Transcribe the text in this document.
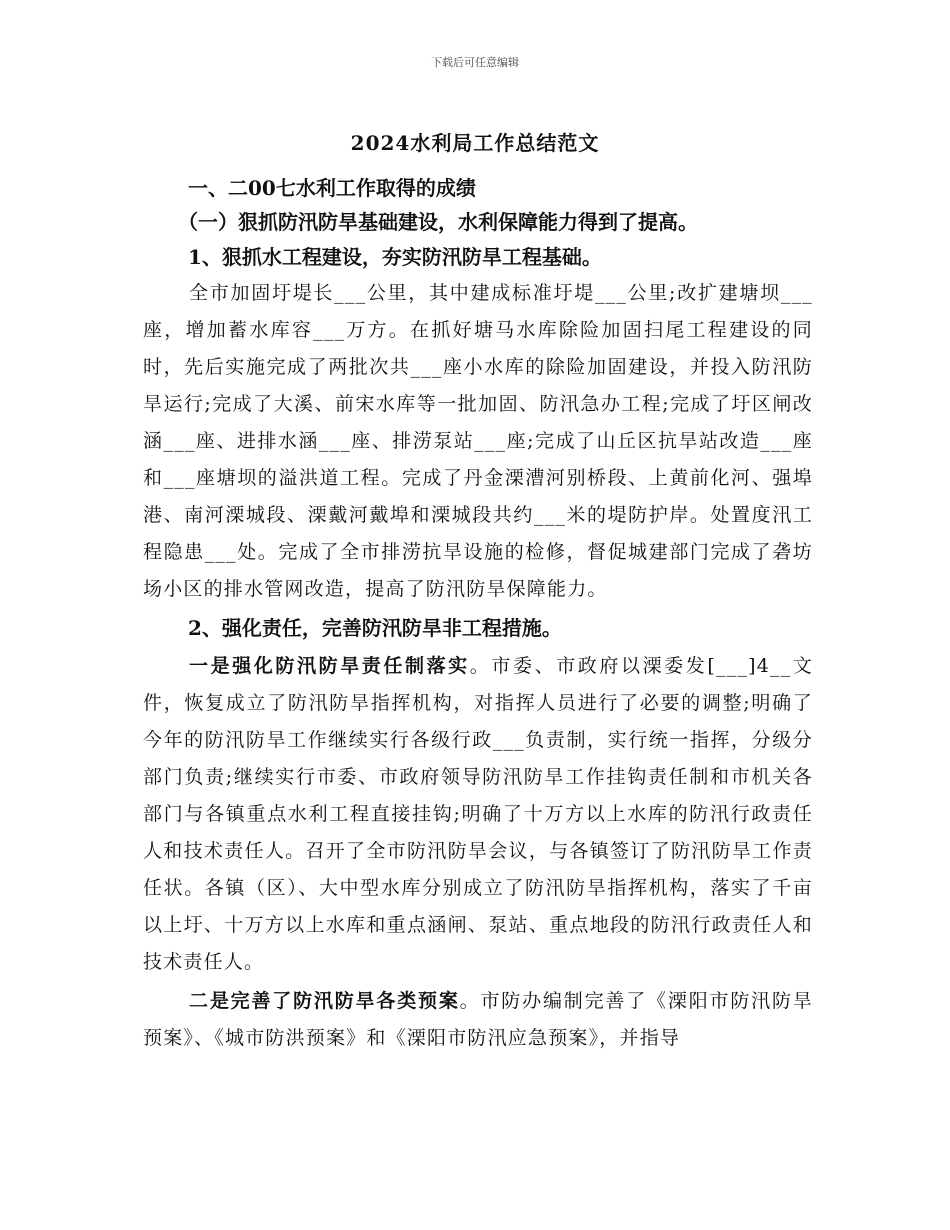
下载后可任意编辑
2024水利局工作总结范文

一、二00七水利工作取得的成绩

（一）狠抓防汛防旱基础建设，水利保障能力得到了提高。

1、狠抓水工程建设，夯实防汛防旱工程基础。

全市加固圩堤长___公里，其中建成标准圩堤___公里;改扩建塘坝___座，增加蓄水库容___万方。在抓好塘马水库除险加固扫尾工程建设的同时，先后实施完成了两批次共___座小水库的除险加固建设，并投入防汛防旱运行;完成了大溪、前宋水库等一批加固、防汛急办工程;完成了圩区闸改涵___座、进排水涵___座、排涝泵站___座;完成了山丘区抗旱站改造___座和___座塘坝的溢洪道工程。完成了丹金溧漕河别桥段、上黄前化河、强埠港、南河溧城段、溧戴河戴埠和溧城段共约___米的堤防护岸。处置度汛工程隐患___处。完成了全市排涝抗旱设施的检修，督促城建部门完成了砻坊场小区的排水管网改造，提高了防汛防旱保障能力。

2、强化责任，完善防汛防旱非工程措施。

一是强化防汛防旱责任制落实。市委、市政府以溧委发[___]4__文件，恢复成立了防汛防旱指挥机构，对指挥人员进行了必要的调整;明确了今年的防汛防旱工作继续实行各级行政___负责制，实行统一指挥，分级分部门负责;继续实行市委、市政府领导防汛防旱工作挂钩责任制和市机关各部门与各镇重点水利工程直接挂钩;明确了十万方以上水库的防汛行政责任人和技术责任人。召开了全市防汛防旱会议，与各镇签订了防汛防旱工作责任状。各镇（区）、大中型水库分别成立了防汛防旱指挥机构，落实了千亩以上圩、十万方以上水库和重点涵闸、泵站、重点地段的防汛行政责任人和技术责任人。

二是完善了防汛防旱各类预案。市防办编制完善了《溧阳市防汛防旱预案》、《城市防洪预案》和《溧阳市防汛应急预案》，并指导
